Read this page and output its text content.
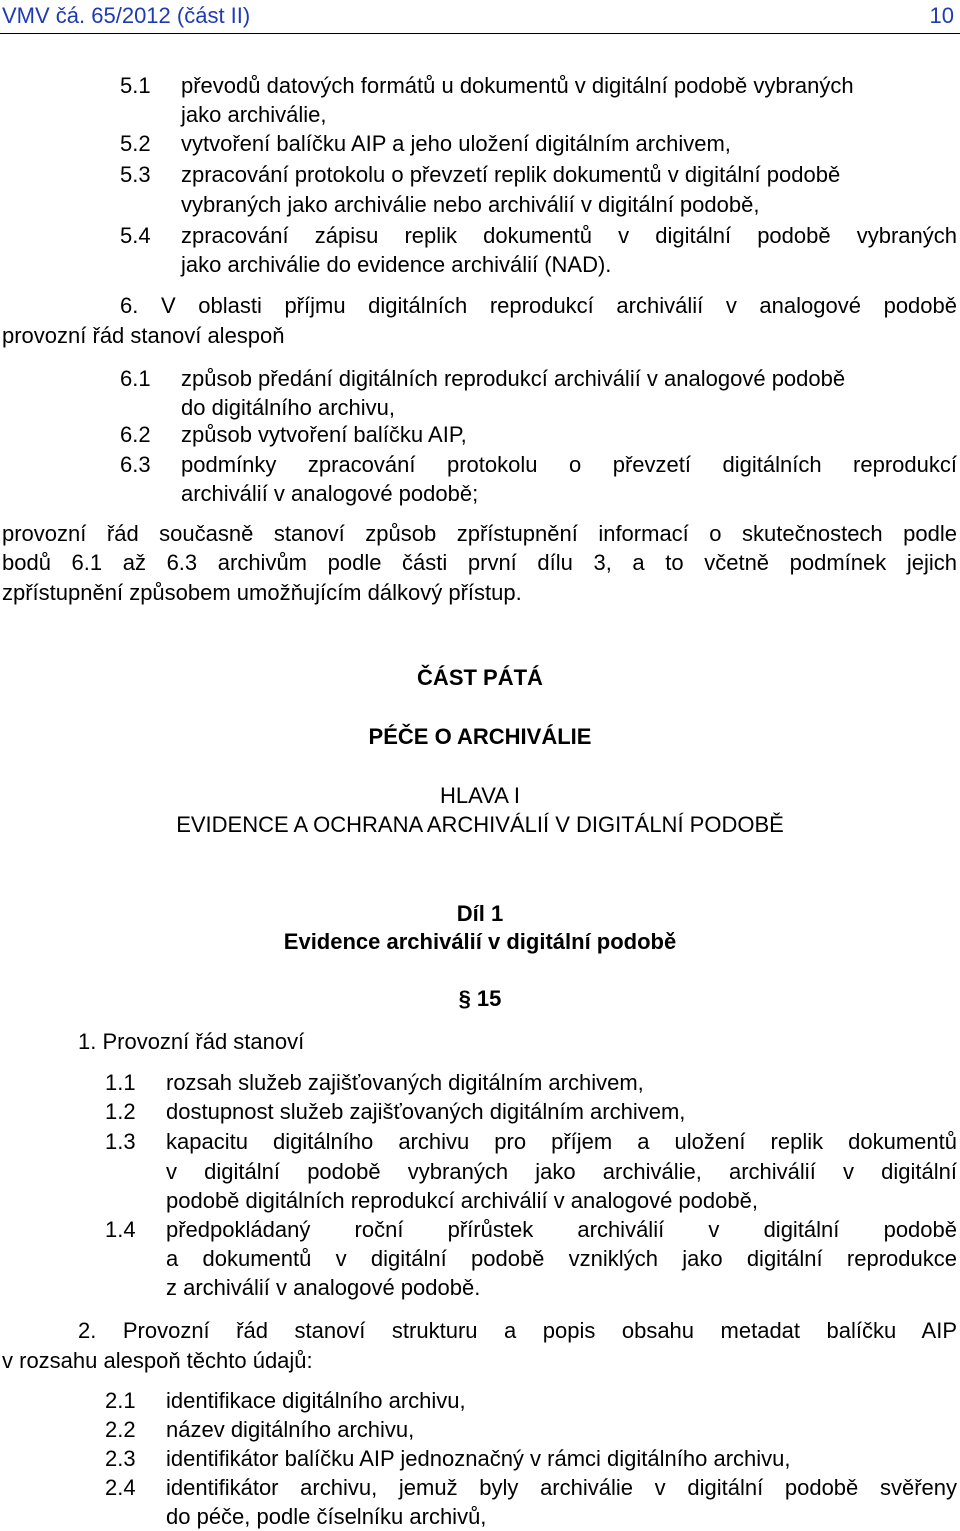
VMV čá. 65/2012 (část II)	10
5.1 převodů datových formátů u dokumentů v digitální podobě vybraných
jako archiválie,
5.2 vytvoření balíčku AIP a jeho uložení digitálním archivem,
5.3 zpracování protokolu o převzetí replik dokumentů v digitální podobě
vybraných jako archiválie nebo archiválií v digitální podobě,
5.4 zpracování zápisu replik dokumentů v digitální podobě vybraných
jako archiválie do evidence archiválií (NAD).
6. V oblasti příjmu digitálních reprodukcí archiválií v analogové podobě
provozní řád stanoví alespoň
6.1 způsob předání digitálních reprodukcí archiválií v analogové podobě
do digitálního archivu,
6.2 způsob vytvoření balíčku AIP,
6.3 podmínky zpracování protokolu o převzetí digitálních reprodukcí
archiválií v analogové podobě;
provozní řád současně stanoví způsob zpřístupnění informací o skutečnostech podle
bodů 6.1 až 6.3 archivům podle části první dílu 3, a to včetně podmínek jejich
zpřístupnění způsobem umožňujícím dálkový přístup.
ČÁST PÁTÁ
PÉČE O ARCHIVÁLIE
HLAVA I
EVIDENCE A OCHRANA ARCHIVÁLIÍ V DIGITÁLNÍ PODOBĚ
Díl 1
Evidence archiválií v digitální podobě
§ 15
1. Provozní řád stanoví
1.1 rozsah služeb zajišťovaných digitálním archivem,
1.2 dostupnost služeb zajišťovaných digitálním archivem,
1.3 kapacitu digitálního archivu pro příjem a uložení replik dokumentů
v digitální podobě vybraných jako archiválie, archiválií v digitální
podobě digitálních reprodukcí archiválií v analogové podobě,
1.4 předpokládaný roční přírůstek archiválií v digitální podobě
a dokumentů v digitální podobě vzniklých jako digitální reprodukce
z archiválií v analogové podobě.
2. Provozní řád stanoví strukturu a popis obsahu metadat balíčku AIP
v rozsahu alespoň těchto údajů:
2.1 identifikace digitálního archivu,
2.2 název digitálního archivu,
2.3 identifikátor balíčku AIP jednoznačný v rámci digitálního archivu,
2.4 identifikátor archivu, jemuž byly archiválie v digitální podobě svěřeny
do péče, podle číselníku archivů,
